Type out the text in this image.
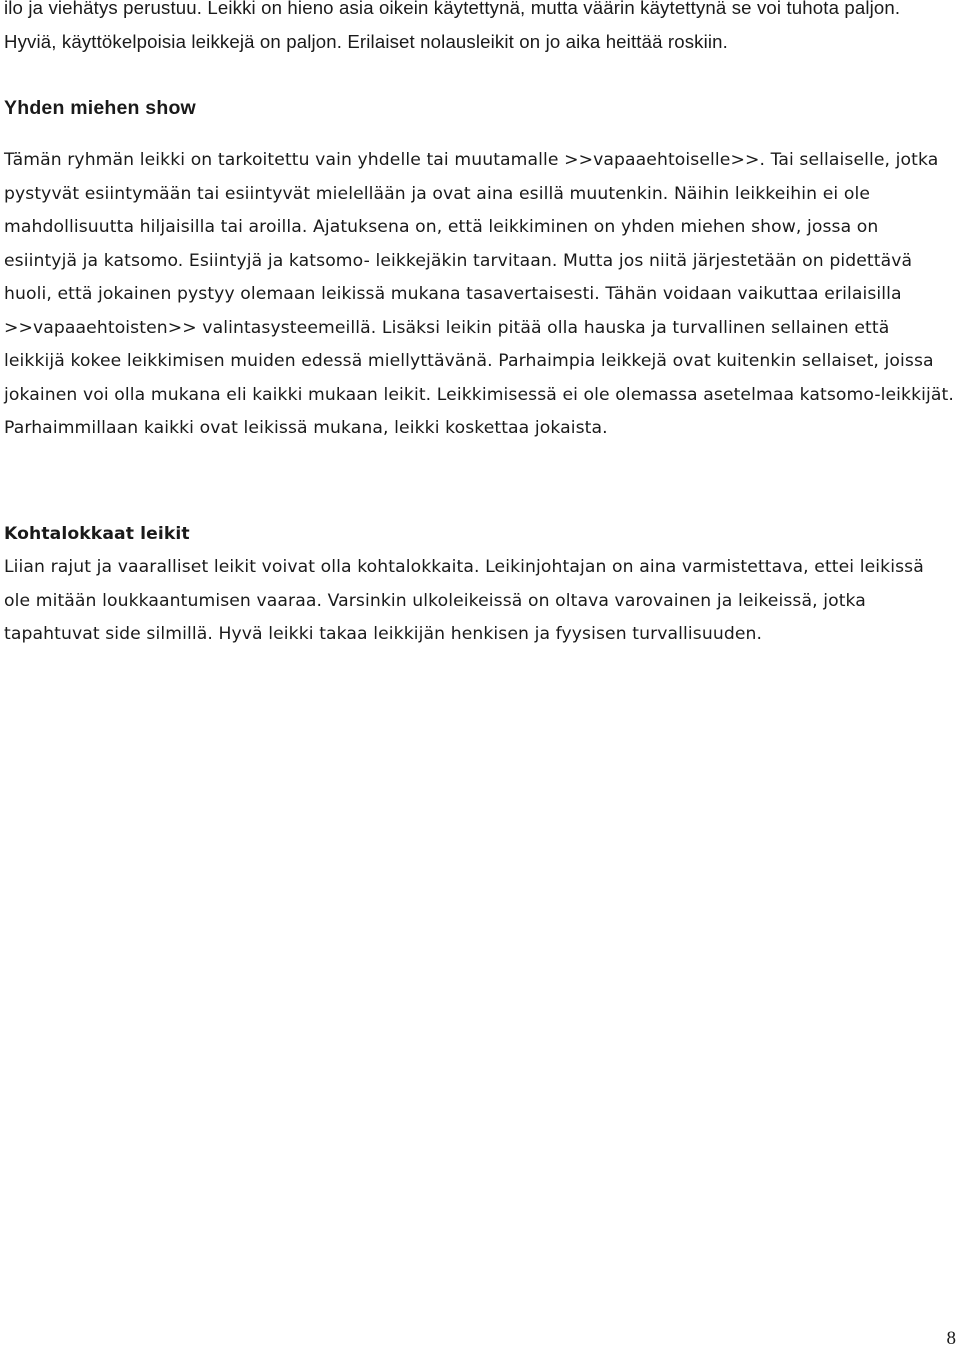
ilo ja viehätys perustuu. Leikki on hieno asia oikein käytettynä, mutta väärin käytettynä se voi tuhota paljon. Hyviä, käyttökelpoisia leikkejä on paljon. Erilaiset nolausleikit on jo aika heittää roskiin.

Yhden miehen show

Tämän ryhmän leikki on tarkoitettu vain yhdelle tai muutamalle >>vapaaehtoiselle>>. Tai sellaiselle, jotka pystyvät esiintymään tai esiintyvät mielellään ja ovat aina esillä muutenkin. Näihin leikkeihin ei ole mahdollisuutta hiljaisilla tai aroilla. Ajatuksena on, että leikkiminen on yhden miehen show, jossa on esiintyjä ja katsomo. Esiintyjä ja katsomo- leikkejäkin tarvitaan. Mutta jos niitä järjestetään on pidettävä huoli, että jokainen pystyy olemaan leikissä mukana tasavertaisesti. Tähän voidaan vaikuttaa erilaisilla >>vapaaehtoisten>> valintasysteemeillä. Lisäksi leikin pitää olla hauska ja turvallinen sellainen että leikkijä kokee leikkimisen muiden edessä miellyttävänä. Parhaimpia leikkejä ovat kuitenkin sellaiset, joissa jokainen voi olla mukana eli kaikki mukaan leikit. Leikkimisessä ei ole olemassa asetelmaa katsomo-leikkijät. Parhaimmillaan kaikki ovat leikissä mukana, leikki koskettaa jokaista.

Kohtalokkaat leikit

Liian rajut ja vaaralliset leikit voivat olla kohtalokkaita. Leikinjohtajan on aina varmistettava, ettei leikissä ole mitään loukkaantumisen vaaraa. Varsinkin ulkoleikeissä on oltava varovainen ja leikeissä, jotka tapahtuvat side silmillä. Hyvä leikki takaa leikkijän henkisen ja fyysisen turvallisuuden.

8
